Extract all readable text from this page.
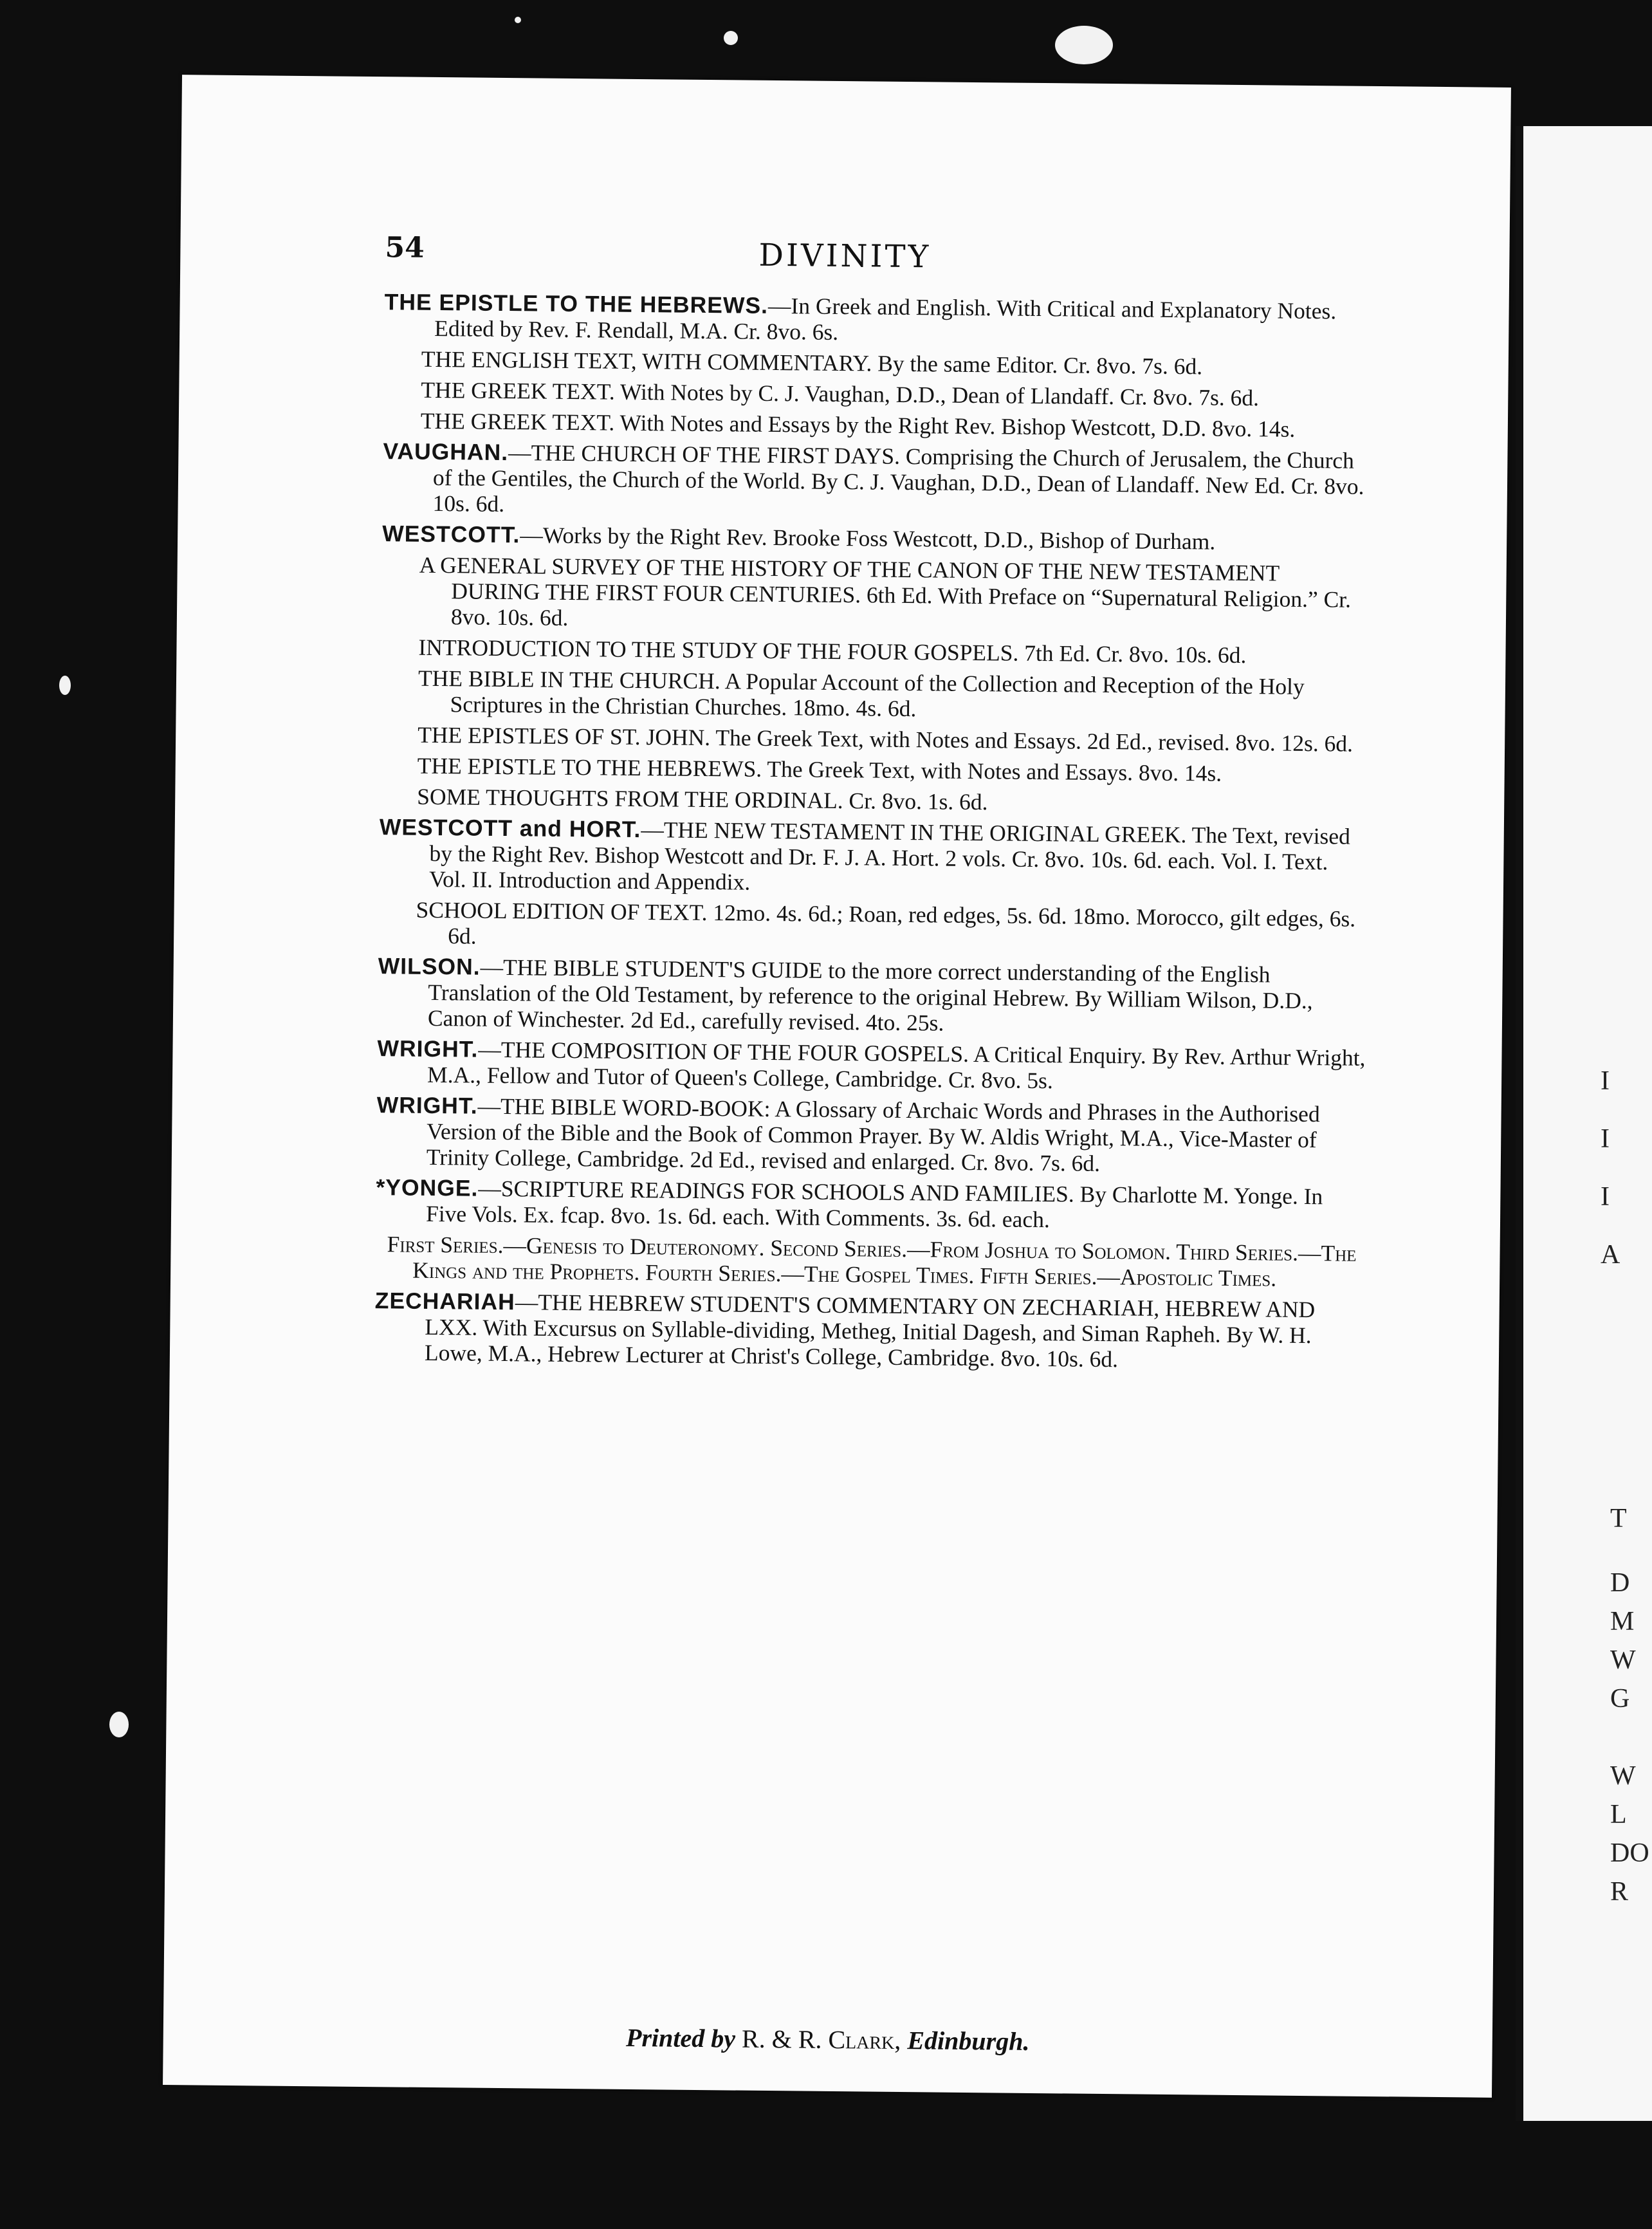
I
I
I
A
T
D
M
W
G
W
L
DO
R
54	DIVINITY

THE EPISTLE TO THE HEBREWS.—In Greek and English. With Critical and Explanatory Notes. Edited by Rev. F. Rendall, M.A. Cr. 8vo. 6s.

THE ENGLISH TEXT, WITH COMMENTARY. By the same Editor. Cr. 8vo. 7s. 6d.

THE GREEK TEXT. With Notes by C. J. Vaughan, D.D., Dean of Llandaff. Cr. 8vo. 7s. 6d.

THE GREEK TEXT. With Notes and Essays by the Right Rev. Bishop Westcott, D.D. 8vo. 14s.

VAUGHAN.—THE CHURCH OF THE FIRST DAYS. Comprising the Church of Jerusalem, the Church of the Gentiles, the Church of the World. By C. J. Vaughan, D.D., Dean of Llandaff. New Ed. Cr. 8vo. 10s. 6d.

WESTCOTT.—Works by the Right Rev. Brooke Foss Westcott, D.D., Bishop of Durham.

A GENERAL SURVEY OF THE HISTORY OF THE CANON OF THE NEW TESTAMENT DURING THE FIRST FOUR CENTURIES. 6th Ed. With Preface on “Supernatural Religion.” Cr. 8vo. 10s. 6d.

INTRODUCTION TO THE STUDY OF THE FOUR GOSPELS. 7th Ed. Cr. 8vo. 10s. 6d.

THE BIBLE IN THE CHURCH. A Popular Account of the Collection and Reception of the Holy Scriptures in the Christian Churches. 18mo. 4s. 6d.

THE EPISTLES OF ST. JOHN. The Greek Text, with Notes and Essays. 2d Ed., revised. 8vo. 12s. 6d.

THE EPISTLE TO THE HEBREWS. The Greek Text, with Notes and Essays. 8vo. 14s.

SOME THOUGHTS FROM THE ORDINAL. Cr. 8vo. 1s. 6d.

WESTCOTT and HORT.—THE NEW TESTAMENT IN THE ORIGINAL GREEK. The Text, revised by the Right Rev. Bishop Westcott and Dr. F. J. A. Hort. 2 vols. Cr. 8vo. 10s. 6d. each. Vol. I. Text. Vol. II. Introduction and Appendix.

SCHOOL EDITION OF TEXT. 12mo. 4s. 6d.; Roan, red edges, 5s. 6d. 18mo. Morocco, gilt edges, 6s. 6d.

WILSON.—THE BIBLE STUDENT'S GUIDE to the more correct understanding of the English Translation of the Old Testament, by reference to the original Hebrew. By William Wilson, D.D., Canon of Winchester. 2d Ed., carefully revised. 4to. 25s.

WRIGHT.—THE COMPOSITION OF THE FOUR GOSPELS. A Critical Enquiry. By Rev. Arthur Wright, M.A., Fellow and Tutor of Queen's College, Cambridge. Cr. 8vo. 5s.

WRIGHT.—THE BIBLE WORD-BOOK: A Glossary of Archaic Words and Phrases in the Authorised Version of the Bible and the Book of Common Prayer. By W. Aldis Wright, M.A., Vice-Master of Trinity College, Cambridge. 2d Ed., revised and enlarged. Cr. 8vo. 7s. 6d.

*YONGE.—SCRIPTURE READINGS FOR SCHOOLS AND FAMILIES. By Charlotte M. Yonge. In Five Vols. Ex. fcap. 8vo. 1s. 6d. each. With Comments. 3s. 6d. each.

First Series.—Genesis to Deuteronomy. Second Series.—From Joshua to Solomon. Third Series.—The Kings and the Prophets. Fourth Series.—The Gospel Times. Fifth Series.—Apostolic Times.

ZECHARIAH—THE HEBREW STUDENT'S COMMENTARY ON ZECHARIAH, HEBREW AND LXX. With Excursus on Syllable-dividing, Metheg, Initial Dagesh, and Siman Rapheh. By W. H. Lowe, M.A., Hebrew Lecturer at Christ's College, Cambridge. 8vo. 10s. 6d.

Printed by R. & R. Clark, Edinburgh.
